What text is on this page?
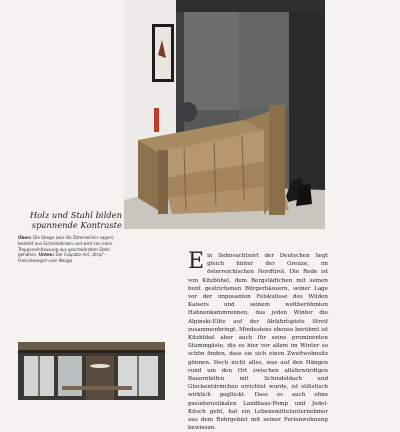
Holz und Stahl bilden
spannende Kontraste
Oben: Die Stiege (wie die Österreicher sagen) besteht aus Eichenblöcken und wird von einer Treppeneinhausung aus geschwärztem Stahl gehalten. Unten: Der Essplatz mit „Strip“-Freischwingern von Neugo	Ein Sehnsuchtsort der Deutschen liegt gleich hinter der Grenze, im österreichischen Nordtirol. Die Rede ist von Kitzbühel, dem Bergstädtchen mit seinen bunt gestrichenen Bürgerhäusern, seiner Lage vor der imposanten Felskulisse des Wilden Kaisers und seinem weltberühmten Hahnenkammrennen, das jeden Winter die Alpinski-Elite auf der Abfahrtspiste Streif zusammenbringt. Mindestens ebenso berühmt ist Kitzbühel aber auch für seine prominenten Stammgäste, die es hier vor allem im Winter so schön finden, dass sie sich einen Zweitwohnsitz gönnen. Doch nicht alles, was auf den Hängen rund um den Ort zwischen altehrwürdigen Bauernhöfen mit Schindeldach und Glockentürmchen errichtet wurde, ist stilistisch wirklich geglückt. Dass es auch ohne pseudorustikalen Landhaus-Pomp und Jodel-Kitsch geht, hat ein Lebensmittelunternehmer aus dem Ruhrgebiet mit seiner Ferienwohnung bewiesen.
